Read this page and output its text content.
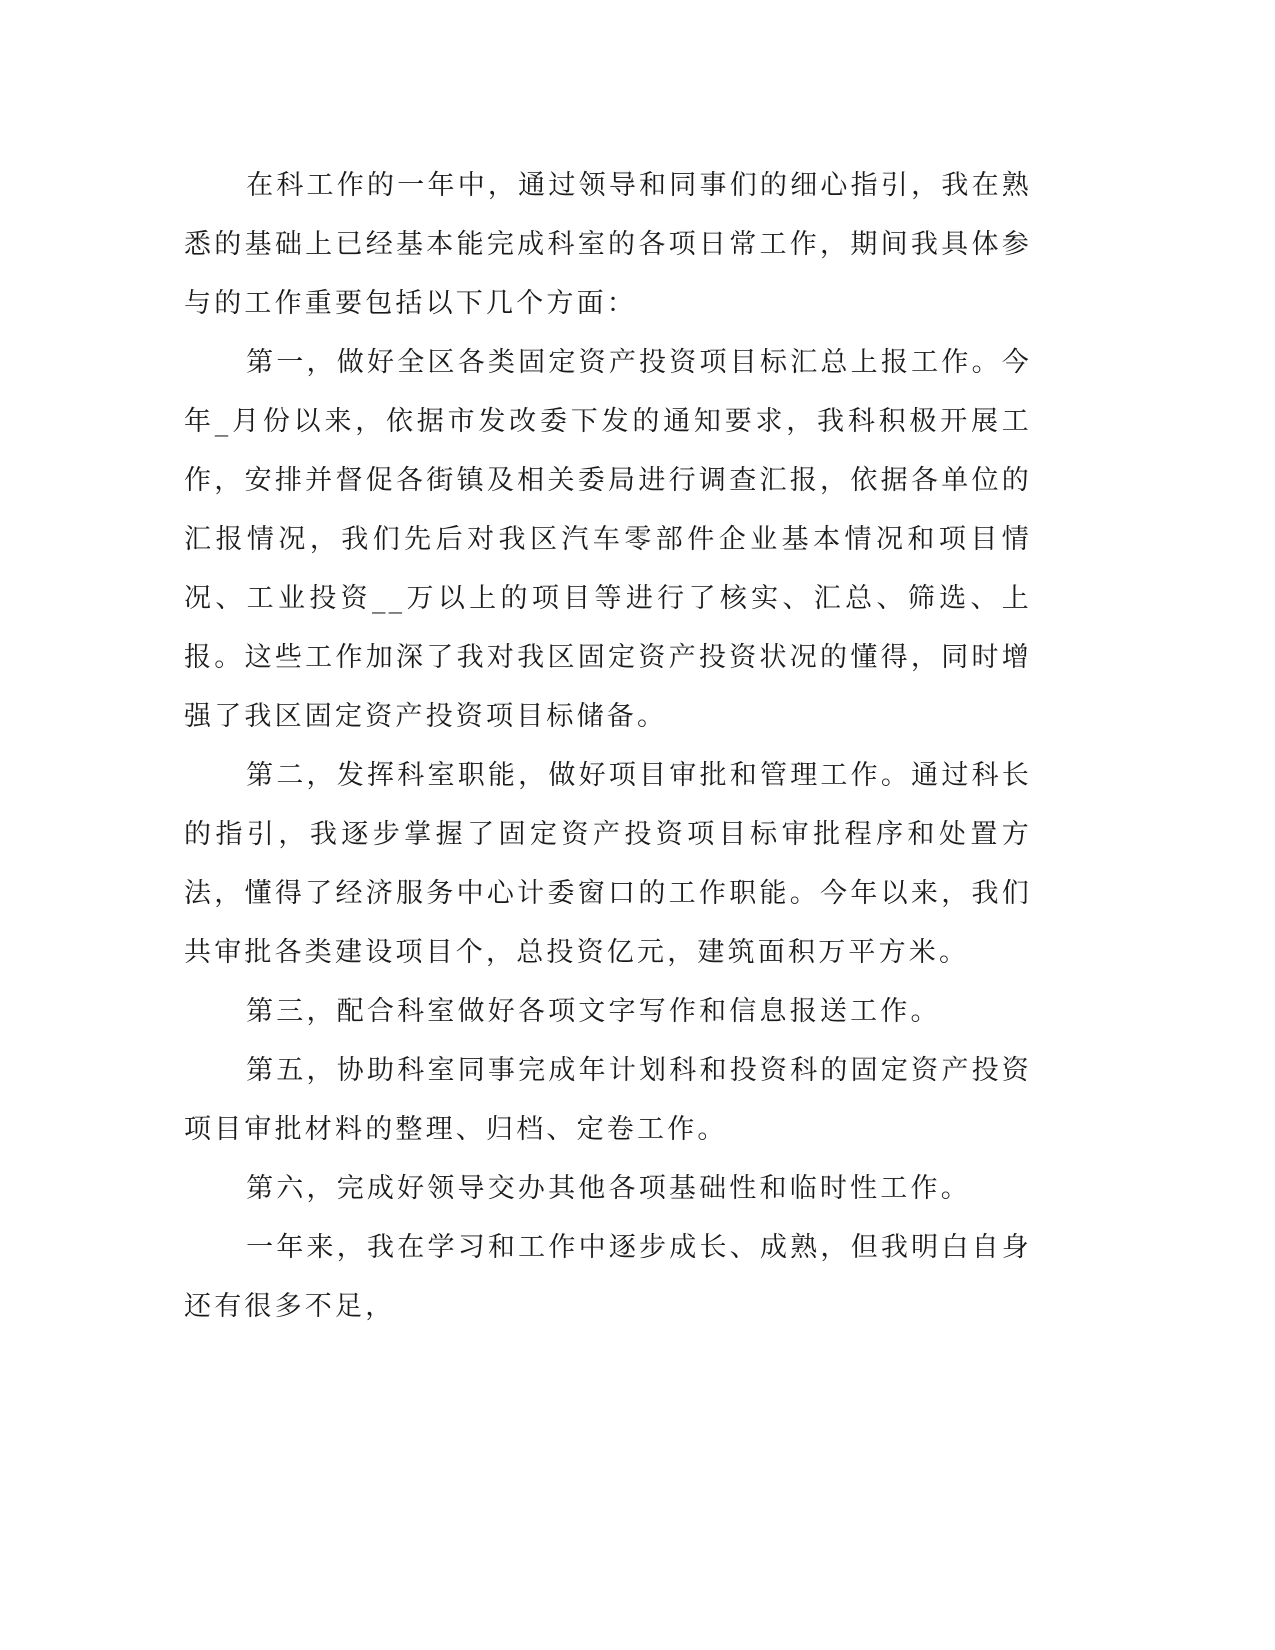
在科工作的一年中，通过领导和同事们的细心指引，我在熟悉的基础上已经基本能完成科室的各项日常工作，期间我具体参与的工作重要包括以下几个方面：

第一，做好全区各类固定资产投资项目标汇总上报工作。今年_月份以来，依据市发改委下发的通知要求，我科积极开展工作，安排并督促各街镇及相关委局进行调查汇报，依据各单位的汇报情况，我们先后对我区汽车零部件企业基本情况和项目情况、工业投资__万以上的项目等进行了核实、汇总、筛选、上报。这些工作加深了我对我区固定资产投资状况的懂得，同时增强了我区固定资产投资项目标储备。

第二，发挥科室职能，做好项目审批和管理工作。通过科长的指引，我逐步掌握了固定资产投资项目标审批程序和处置方法，懂得了经济服务中心计委窗口的工作职能。今年以来，我们共审批各类建设项目个，总投资亿元，建筑面积万平方米。

第三，配合科室做好各项文字写作和信息报送工作。

第五，协助科室同事完成年计划科和投资科的固定资产投资项目审批材料的整理、归档、定卷工作。

第六，完成好领导交办其他各项基础性和临时性工作。

一年来，我在学习和工作中逐步成长、成熟，但我明白自身还有很多不足，
